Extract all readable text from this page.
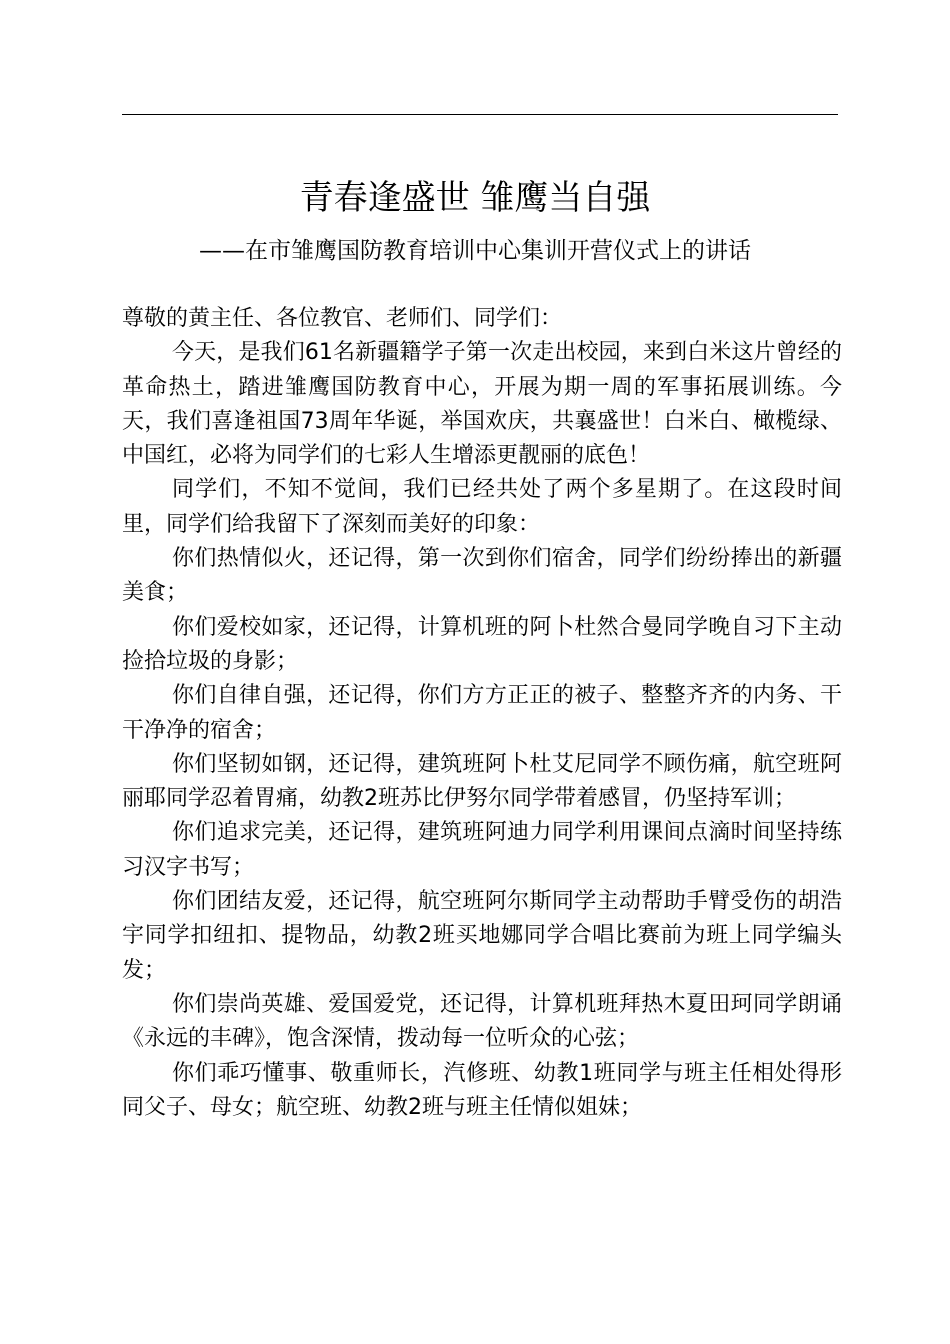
青春逢盛世 雏鹰当自强
——在市雏鹰国防教育培训中心集训开营仪式上的讲话

尊敬的黄主任、各位教官、老师们、同学们：

今天，是我们61名新疆籍学子第一次走出校园，来到白米这片曾经的革命热土，踏进雏鹰国防教育中心，开展为期一周的军事拓展训练。今天，我们喜逢祖国73周年华诞，举国欢庆，共襄盛世！白米白、橄榄绿、中国红，必将为同学们的七彩人生增添更靓丽的底色！

同学们，不知不觉间，我们已经共处了两个多星期了。在这段时间里，同学们给我留下了深刻而美好的印象：

你们热情似火，还记得，第一次到你们宿舍，同学们纷纷捧出的新疆美食；

你们爱校如家，还记得，计算机班的阿卜杜然合曼同学晚自习下主动捡拾垃圾的身影；

你们自律自强，还记得，你们方方正正的被子、整整齐齐的内务、干干净净的宿舍；

你们坚韧如钢，还记得，建筑班阿卜杜艾尼同学不顾伤痛，航空班阿丽耶同学忍着胃痛，幼教2班苏比伊努尔同学带着感冒，仍坚持军训；

你们追求完美，还记得，建筑班阿迪力同学利用课间点滴时间坚持练习汉字书写；

你们团结友爱，还记得，航空班阿尔斯同学主动帮助手臂受伤的胡浩宇同学扣纽扣、提物品，幼教2班买地娜同学合唱比赛前为班上同学编头发；

你们崇尚英雄、爱国爱党，还记得，计算机班拜热木夏田珂同学朗诵《永远的丰碑》，饱含深情，拨动每一位听众的心弦；

你们乖巧懂事、敬重师长，汽修班、幼教1班同学与班主任相处得形同父子、母女；航空班、幼教2班与班主任情似姐妹；
